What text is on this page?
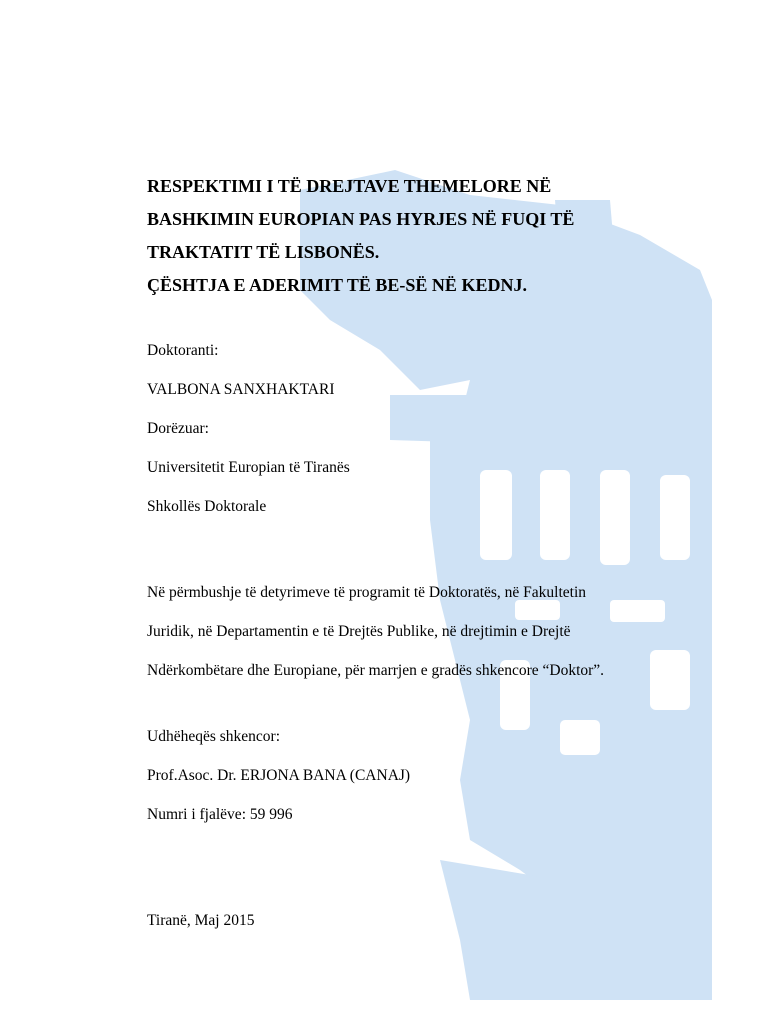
RESPEKTIMI I TË DREJTAVE THEMELORE NË
BASHKIMIN EUROPIAN PAS HYRJES NË FUQI TË
TRAKTATIT TË LISBONËS.
ÇËSHTJA E ADERIMIT TË BE-SË NË KEDNJ.
Doktoranti:
VALBONA SANXHAKTARI
Dorëzuar:
Universitetit Europian të Tiranës
Shkollës Doktorale
Në përmbushje të detyrimeve të programit të Doktoratës, në Fakultetin
Juridik, në Departamentin e të Drejtës Publike, në drejtimin e Drejtë
Ndërkombëtare dhe Europiane, për marrjen e gradës shkencore “Doktor”.
Udhëheqës shkencor:
Prof.Asoc. Dr. ERJONA BANA (CANAJ)
Numri i fjalëve: 59 996
Tiranë, Maj 2015
